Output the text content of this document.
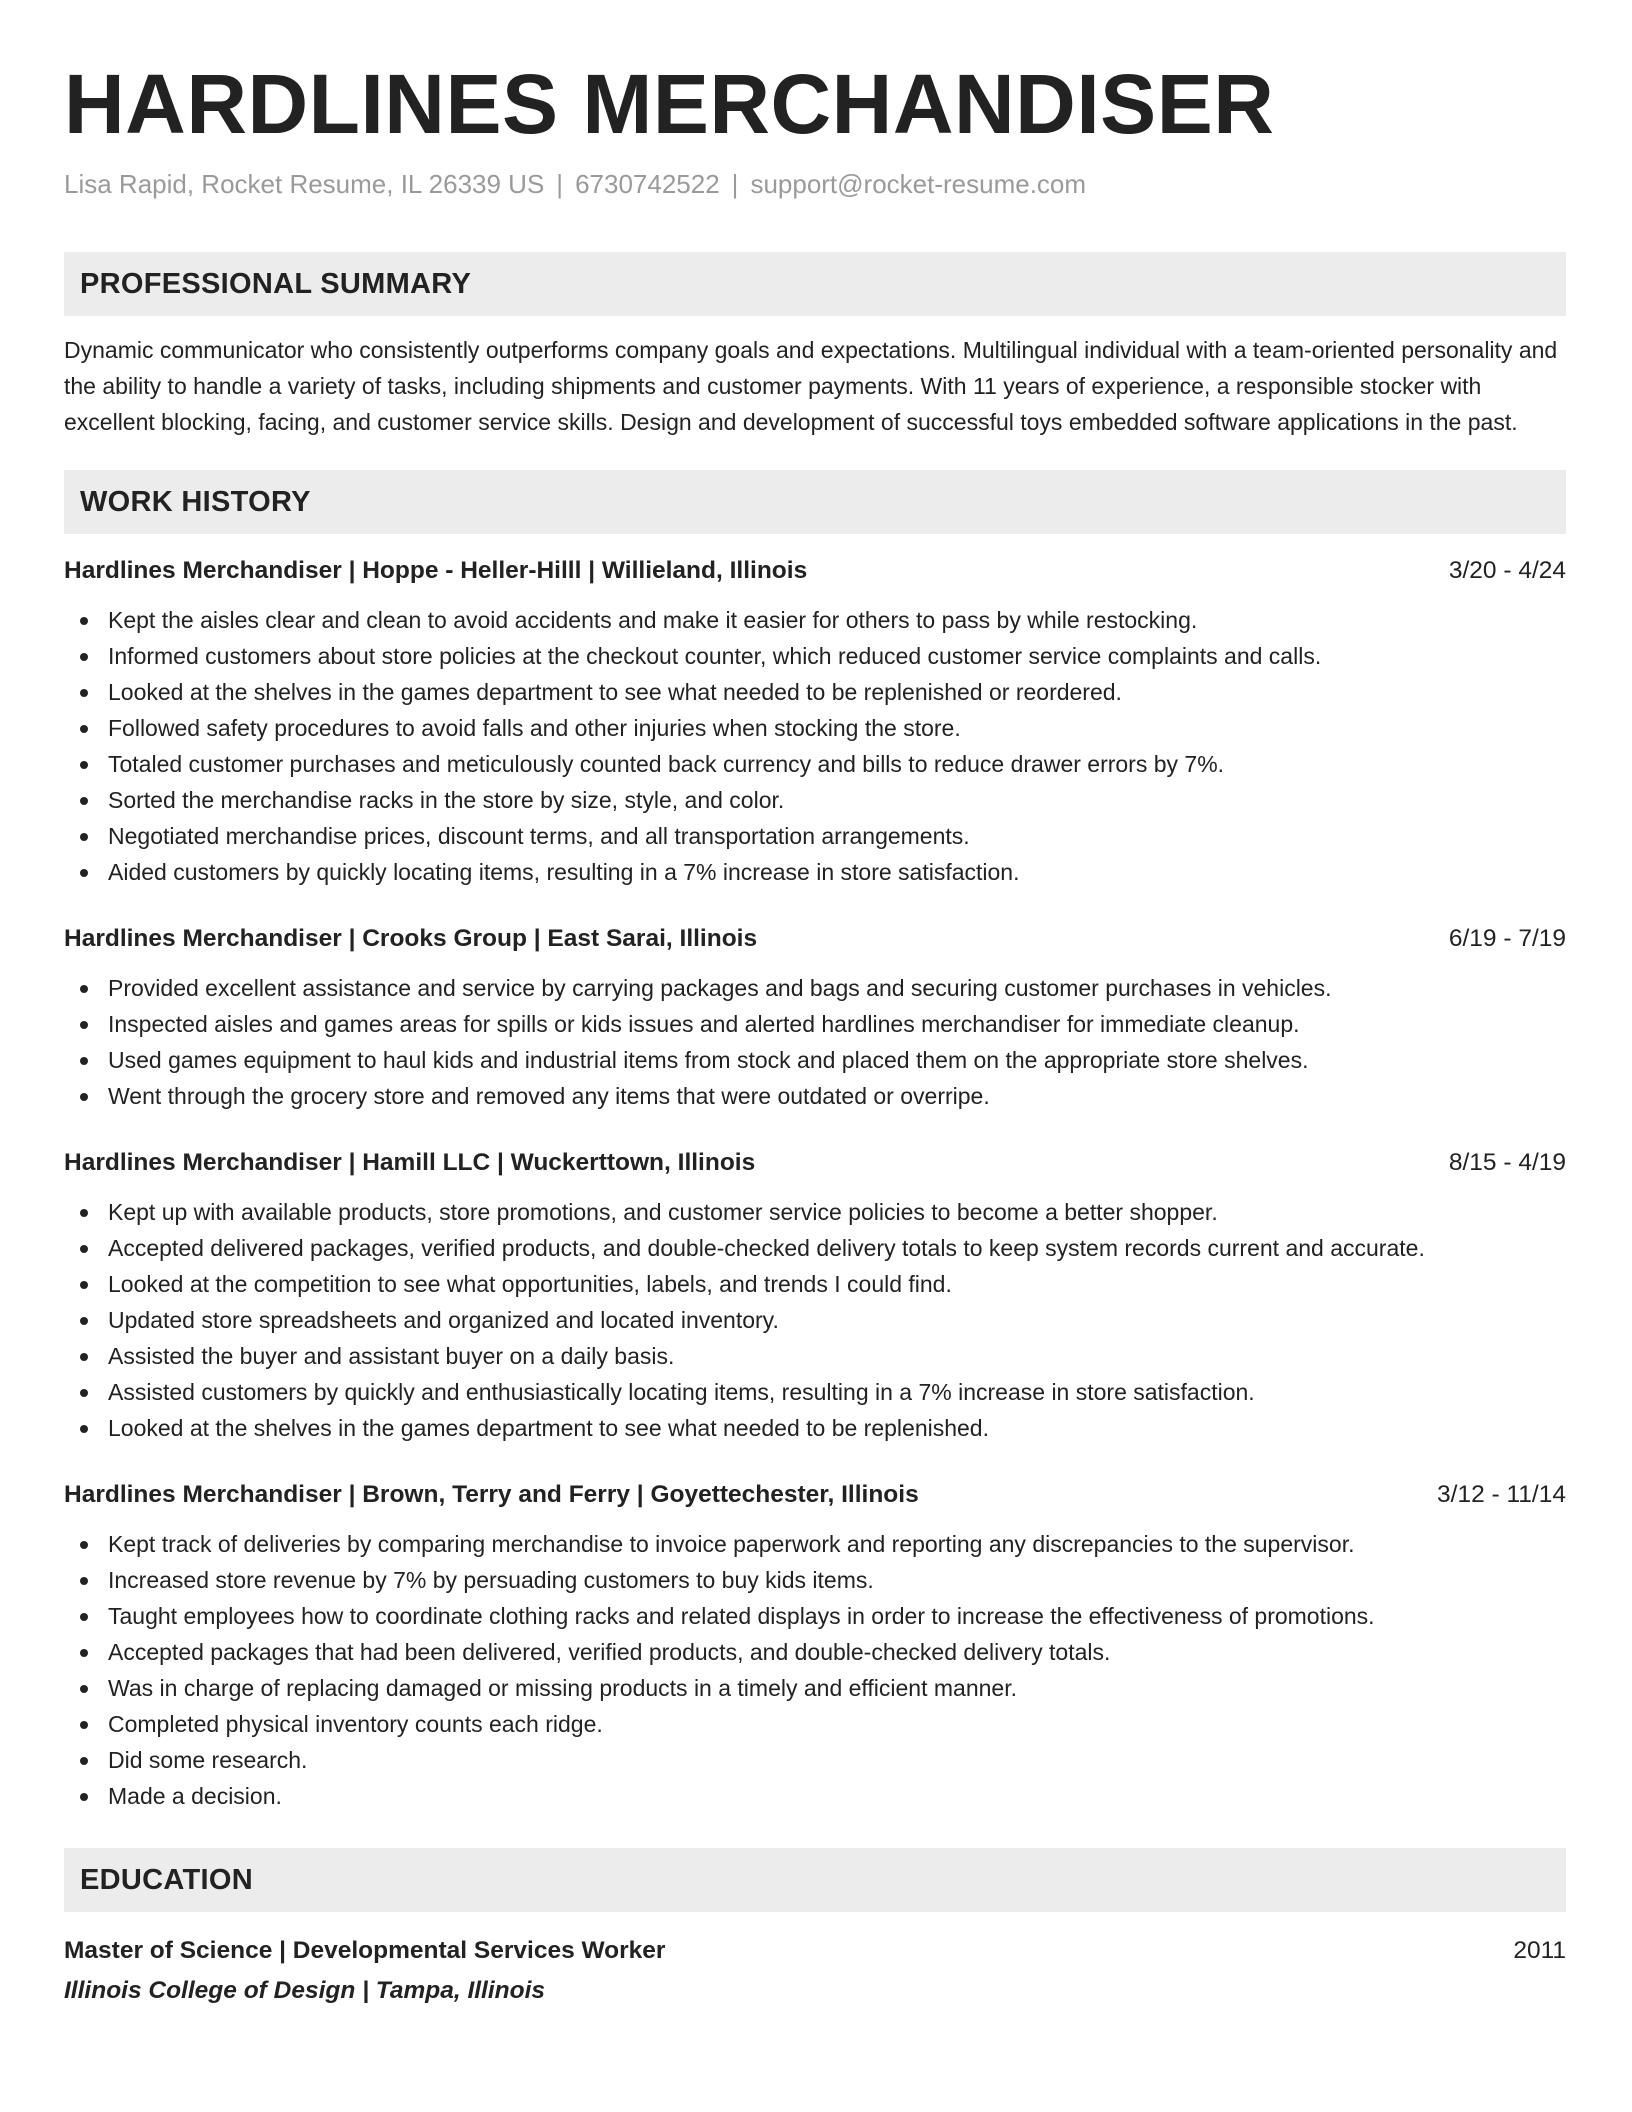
HARDLINES MERCHANDISER
Lisa Rapid, Rocket Resume, IL 26339 US | 6730742522 | support@rocket-resume.com
PROFESSIONAL SUMMARY
Dynamic communicator who consistently outperforms company goals and expectations. Multilingual individual with a team-oriented personality and the ability to handle a variety of tasks, including shipments and customer payments. With 11 years of experience, a responsible stocker with excellent blocking, facing, and customer service skills. Design and development of successful toys embedded software applications in the past.
WORK HISTORY
Hardlines Merchandiser | Hoppe - Heller-Hilll | Willieland, Illinois	3/20 - 4/24
Kept the aisles clear and clean to avoid accidents and make it easier for others to pass by while restocking.
Informed customers about store policies at the checkout counter, which reduced customer service complaints and calls.
Looked at the shelves in the games department to see what needed to be replenished or reordered.
Followed safety procedures to avoid falls and other injuries when stocking the store.
Totaled customer purchases and meticulously counted back currency and bills to reduce drawer errors by 7%.
Sorted the merchandise racks in the store by size, style, and color.
Negotiated merchandise prices, discount terms, and all transportation arrangements.
Aided customers by quickly locating items, resulting in a 7% increase in store satisfaction.
Hardlines Merchandiser | Crooks Group | East Sarai, Illinois	6/19 - 7/19
Provided excellent assistance and service by carrying packages and bags and securing customer purchases in vehicles.
Inspected aisles and games areas for spills or kids issues and alerted hardlines merchandiser for immediate cleanup.
Used games equipment to haul kids and industrial items from stock and placed them on the appropriate store shelves.
Went through the grocery store and removed any items that were outdated or overripe.
Hardlines Merchandiser | Hamill LLC | Wuckerttown, Illinois	8/15 - 4/19
Kept up with available products, store promotions, and customer service policies to become a better shopper.
Accepted delivered packages, verified products, and double-checked delivery totals to keep system records current and accurate.
Looked at the competition to see what opportunities, labels, and trends I could find.
Updated store spreadsheets and organized and located inventory.
Assisted the buyer and assistant buyer on a daily basis.
Assisted customers by quickly and enthusiastically locating items, resulting in a 7% increase in store satisfaction.
Looked at the shelves in the games department to see what needed to be replenished.
Hardlines Merchandiser | Brown, Terry and Ferry | Goyettechester, Illinois	3/12 - 11/14
Kept track of deliveries by comparing merchandise to invoice paperwork and reporting any discrepancies to the supervisor.
Increased store revenue by 7% by persuading customers to buy kids items.
Taught employees how to coordinate clothing racks and related displays in order to increase the effectiveness of promotions.
Accepted packages that had been delivered, verified products, and double-checked delivery totals.
Was in charge of replacing damaged or missing products in a timely and efficient manner.
Completed physical inventory counts each ridge.
Did some research.
Made a decision.
EDUCATION
Master of Science | Developmental Services Worker	2011
Illinois College of Design | Tampa, Illinois
